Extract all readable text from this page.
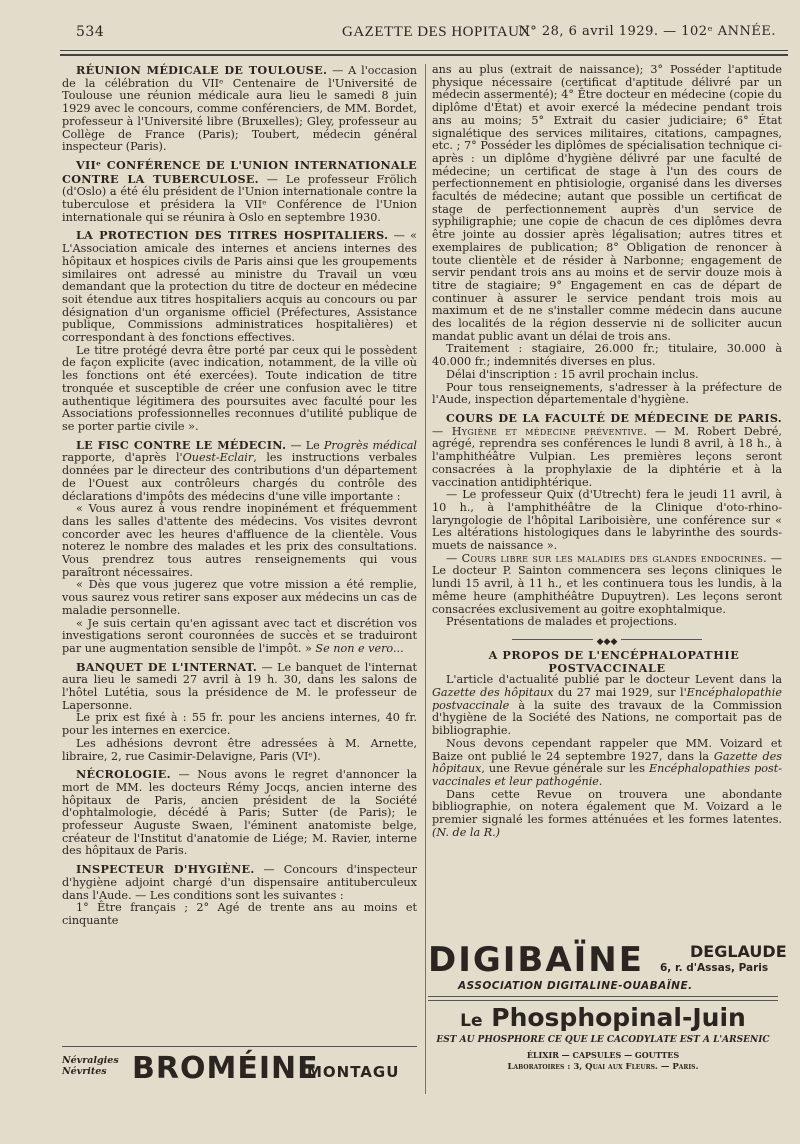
534	GAZETTE DES HOPITAUX
N° 28, 6 avril 1929. — 102ᵉ ANNÉE.

RÉUNION MÉDICALE DE TOULOUSE. — A l'occasion de la célébration du VIIᵉ Centenaire de l'Université de Toulouse une réunion médicale aura lieu le samedi 8 juin 1929 avec le concours, comme conférenciers, de MM. Bordet, professeur à l'Université libre (Bruxelles); Gley, professeur au Collège de France (Paris); Toubert, médecin général inspecteur (Paris).

VIIᵉ CONFÉRENCE DE L'UNION INTERNATIONALE CONTRE LA TUBERCULOSE. — Le professeur Frölich (d'Oslo) a été élu président de l'Union internationale contre la tuberculose et présidera la VIIᵉ Conférence de l'Union internationale qui se réunira à Oslo en septembre 1930.

LA PROTECTION DES TITRES HOSPITALIERS. — « L'Association amicale des internes et anciens internes des hôpitaux et hospices civils de Paris ainsi que les groupements similaires ont adressé au ministre du Travail un vœu demandant que la protection du titre de docteur en médecine soit étendue aux titres hospitaliers acquis au concours ou par désignation d'un organisme officiel (Préfectures, Assistance publique, Commissions administratices hospitalières) et correspondant à des fonctions effectives.

Le titre protégé devra être porté par ceux qui le possèdent de façon explicite (avec indication, notamment, de la ville où les fonctions ont été exercées). Toute indication de titre tronquée et susceptible de créer une confusion avec le titre authentique légitimera des poursuites avec faculté pour les Associations professionnelles reconnues d'utilité publique de se porter partie civile ».

LE FISC CONTRE LE MÉDECIN. — Le Progrès médical rapporte, d'après l'Ouest-Eclair, les instructions verbales données par le directeur des contributions d'un département de l'Ouest aux contrôleurs chargés du contrôle des déclarations d'impôts des médecins d'une ville importante :

« Vous aurez à vous rendre inopinément et fréquemment dans les salles d'attente des médecins. Vos visites devront concorder avec les heures d'affluence de la clientèle. Vous noterez le nombre des malades et les prix des consultations. Vous prendrez tous autres renseignements qui vous paraîtront nécessaires.

« Dès que vous jugerez que votre mission a été remplie, vous saurez vous retirer sans exposer aux médecins un cas de maladie personnelle.

« Je suis certain qu'en agissant avec tact et discrétion vos investigations seront couronnées de succès et se traduiront par une augmentation sensible de l'impôt. » Se non e vero...

BANQUET DE L'INTERNAT. — Le banquet de l'internat aura lieu le samedi 27 avril à 19 h. 30, dans les salons de l'hôtel Lutétia, sous la présidence de M. le professeur de Lapersonne.

Le prix est fixé à : 55 fr. pour les anciens internes, 40 fr. pour les internes en exercice.

Les adhésions devront être adressées à M. Arnette, libraire, 2, rue Casimir-Delavigne, Paris (VIᵉ).

NÉCROLOGIE. — Nous avons le regret d'annoncer la mort de MM. les docteurs Rémy Jocqs, ancien interne des hôpitaux de Paris, ancien président de la Société d'ophtalmologie, décédé à Paris; Sutter (de Paris); le professeur Auguste Swaen, l'éminent anatomiste belge, créateur de l'Institut d'anatomie de Liége; M. Ravier, interne des hôpitaux de Paris.

INSPECTEUR D'HYGIÈNE. — Concours d'inspecteur d'hygiène adjoint chargé d'un dispensaire antituberculeux dans l'Aude. — Les conditions sont les suivantes :

1° Être français ; 2° Agé de trente ans au moins et cinquante

ans au plus (extrait de naissance); 3° Posséder l'aptitude physique nécessaire (certificat d'aptitude délivré par un médecin assermenté); 4° Être docteur en médecine (copie du diplôme d'État) et avoir exercé la médecine pendant trois ans au moins; 5° Extrait du casier judiciaire; 6° État signalétique des services militaires, citations, campagnes, etc. ; 7° Posséder les diplômes de spécialisation technique ci-après : un diplôme d'hygiène délivré par une faculté de médecine; un certificat de stage à l'un des cours de perfectionnement en phtisiologie, organisé dans les diverses facultés de médecine; autant que possible un certificat de stage de perfectionnement auprès d'un service de syphiligraphie; une copie de chacun de ces diplômes devra être jointe au dossier après légalisation; autres titres et exemplaires de publication; 8° Obligation de renoncer à toute clientèle et de résider à Narbonne; engagement de servir pendant trois ans au moins et de servir douze mois à titre de stagiaire; 9° Engagement en cas de départ de continuer à assurer le service pendant trois mois au maximum et de ne s'installer comme médecin dans aucune des localités de la région desservie ni de solliciter aucun mandat public avant un délai de trois ans.

Traitement : stagiaire, 26.000 fr.; titulaire, 30.000 à 40.000 fr.; indemnités diverses en plus.

Délai d'inscription : 15 avril prochain inclus.

Pour tous renseignements, s'adresser à la préfecture de l'Aude, inspection départementale d'hygiène.

COURS DE LA FACULTÉ DE MÉDECINE DE PARIS. — Hygiène et médecine préventive. — M. Robert Debré, agrégé, reprendra ses conférences le lundi 8 avril, à 18 h., à l'amphithéâtre Vulpian. Les premières leçons seront consacrées à la prophylaxie de la diphtérie et à la vaccination antidiphtérique.

— Le professeur Quix (d'Utrecht) fera le jeudi 11 avril, à 10 h., à l'amphithéâtre de la Clinique d'oto-rhino-laryngologie de l'hôpital Lariboisière, une conférence sur « Les altérations histologiques dans le labyrinthe des sourds-muets de naissance ».

— Cours libre sur les maladies des glandes endocrines. — Le docteur P. Sainton commencera ses leçons cliniques le lundi 15 avril, à 11 h., et les continuera tous les lundis, à la même heure (amphithéâtre Dupuytren). Les leçons seront consacrées exclusivement au goitre exophtalmique.

Présentations de malades et projections.

◆◆◆

A PROPOS DE L'ENCÉPHALOPATHIE POSTVACCINALE

L'article d'actualité publié par le docteur Levent dans la Gazette des hôpitaux du 27 mai 1929, sur l'Encéphalopathie postvaccinale à la suite des travaux de la Commission d'hygiène de la Société des Nations, ne comportait pas de bibliographie.

Nous devons cependant rappeler que MM. Voizard et Baize ont publié le 24 septembre 1927, dans la Gazette des hôpitaux, une Revue générale sur les Encéphalopathies post-vaccinales et leur pathogénie.

Dans cette Revue on trouvera une abondante bibliographie, on notera également que M. Voizard a le premier signalé les formes atténuées et les formes latentes. (N. de la R.)

Névralgies
Névrites BROMÉINE
MONTAGU
DIGIBAÏNE	DEGLAUDE
6, r. d'Assas, Paris
ASSOCIATION DIGITALINE-OUABAÏNE.
Le Phosphopinal-Juin
EST AU PHOSPHORE CE QUE LE CACODYLATE EST A L'ARSENIC
ÉLIXIR — CAPSULES — GOUTTES
Laboratoires : 3, Quai aux Fleurs. — Paris.
